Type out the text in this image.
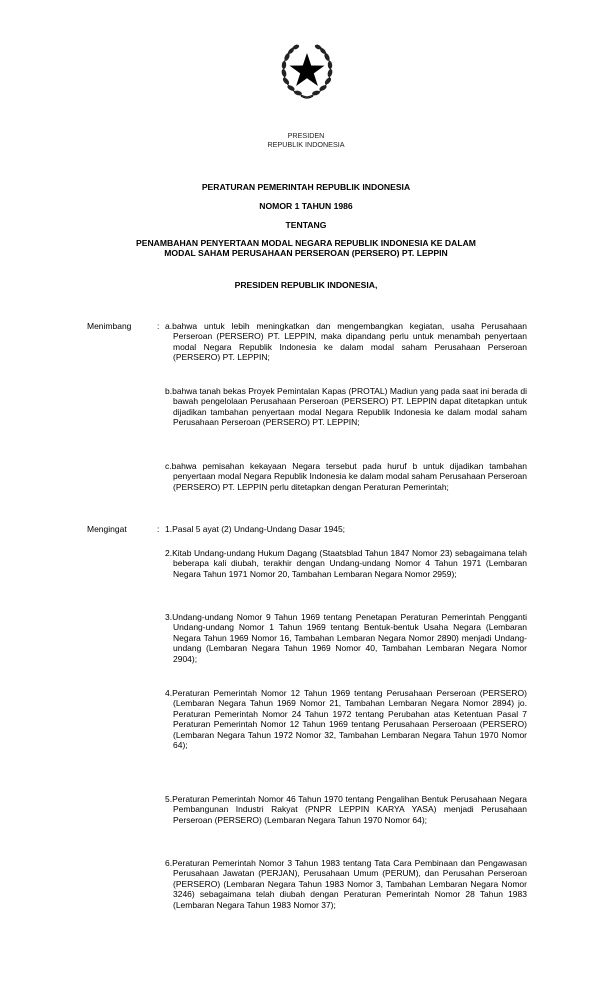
PRESIDEN
REPUBLIK INDONESIA
PERATURAN PEMERINTAH REPUBLIK INDONESIA
NOMOR 1 TAHUN 1986
TENTANG
PENAMBAHAN PENYERTAAN MODAL NEGARA REPUBLIK INDONESIA KE DALAM
MODAL SAHAM PERUSAHAAN PERSEROAN (PERSERO) PT. LEPPIN
PRESIDEN REPUBLIK INDONESIA,
Menimbang	: a.bahwa untuk lebih meningkatkan dan mengembangkan kegiatan, usaha Perusahaan Perseroan (PERSERO) PT. LEPPIN, maka dipandang perlu untuk menambah penyertaan modal Negara Republik Indonesia ke dalam modal saham Perusahaan Perseroan (PERSERO) PT. LEPPIN;

b.bahwa tanah bekas Proyek Pemintalan Kapas (PROTAL) Madiun yang pada saat ini berada di bawah pengelolaan Perusahaan Perseroan (PERSERO) PT. LEPPIN dapat ditetapkan untuk dijadikan tambahan penyertaan modal Negara Republik Indonesia ke dalam modal saham Perusahaan Perseroan (PERSERO) PT. LEPPIN;

c.bahwa pemisahan kekayaan Negara tersebut pada huruf b untuk dijadikan tambahan penyertaan modal Negara Republik Indonesia ke dalam modal saham Perusahaan Perseroan (PERSERO) PT. LEPPIN perlu ditetapkan dengan Peraturan Pemerintah;

Mengingat	: 1.Pasal 5 ayat (2) Undang-Undang Dasar 1945;

2.Kitab Undang-undang Hukum Dagang (Staatsblad Tahun 1847 Nomor 23) sebagaimana telah beberapa kali diubah, terakhir dengan Undang-undang Nomor 4 Tahun 1971 (Lembaran Negara Tahun 1971 Nomor 20, Tambahan Lembaran Negara Nomor 2959);

3.Undang-undang Nomor 9 Tahun 1969 tentang Penetapan Peraturan Pemerintah Pengganti Undang-undang Nomor 1 Tahun 1969 tentang Bentuk-bentuk Usaha Negara (Lembaran Negara Tahun 1969 Nomor 16, Tambahan Lembaran Negara Nomor 2890) menjadi Undang-undang (Lembaran Negara Tahun 1969 Nomor 40, Tambahan Lembaran Negara Nomor 2904);

4.Peraturan Pemerintah Nomor 12 Tahun 1969 tentang Perusahaan Perseroan (PERSERO) (Lembaran Negara Tahun 1969 Nomor 21, Tambahan Lembaran Negara Nomor 2894) jo. Peraturan Pemerintah Nomor 24 Tahun 1972 tentang Perubahan atas Ketentuan Pasal 7 Peraturan Pemerintah Nomor 12 Tahun 1969 tentang Perusahaan Perseroaan (PERSERO) (Lembaran Negara Tahun 1972 Nomor 32, Tambahan Lembaran Negara Tahun 1970 Nomor 64);

5.Peraturan Pemerintah Nomor 46 Tahun 1970 tentang Pengalihan Bentuk Perusahaan Negara Pembangunan Industri Rakyat (PNPR LEPPIN KARYA YASA) menjadi Perusahaan Perseroan (PERSERO) (Lembaran Negara Tahun 1970 Nomor 64);

6.Peraturan Pemerintah Nomor 3 Tahun 1983 tentang Tata Cara Pembinaan dan Pengawasan Perusahaan Jawatan (PERJAN), Perusahaan Umum (PERUM), dan Perusahan Perseroan (PERSERO) (Lembaran Negara Tahun 1983 Nomor 3, Tambahan Lembaran Negara Nomor 3246) sebagaimana telah diubah dengan Peraturan Pemerintah Nomor 28 Tahun 1983 (Lembaran Negara Tahun 1983 Nomor 37);
